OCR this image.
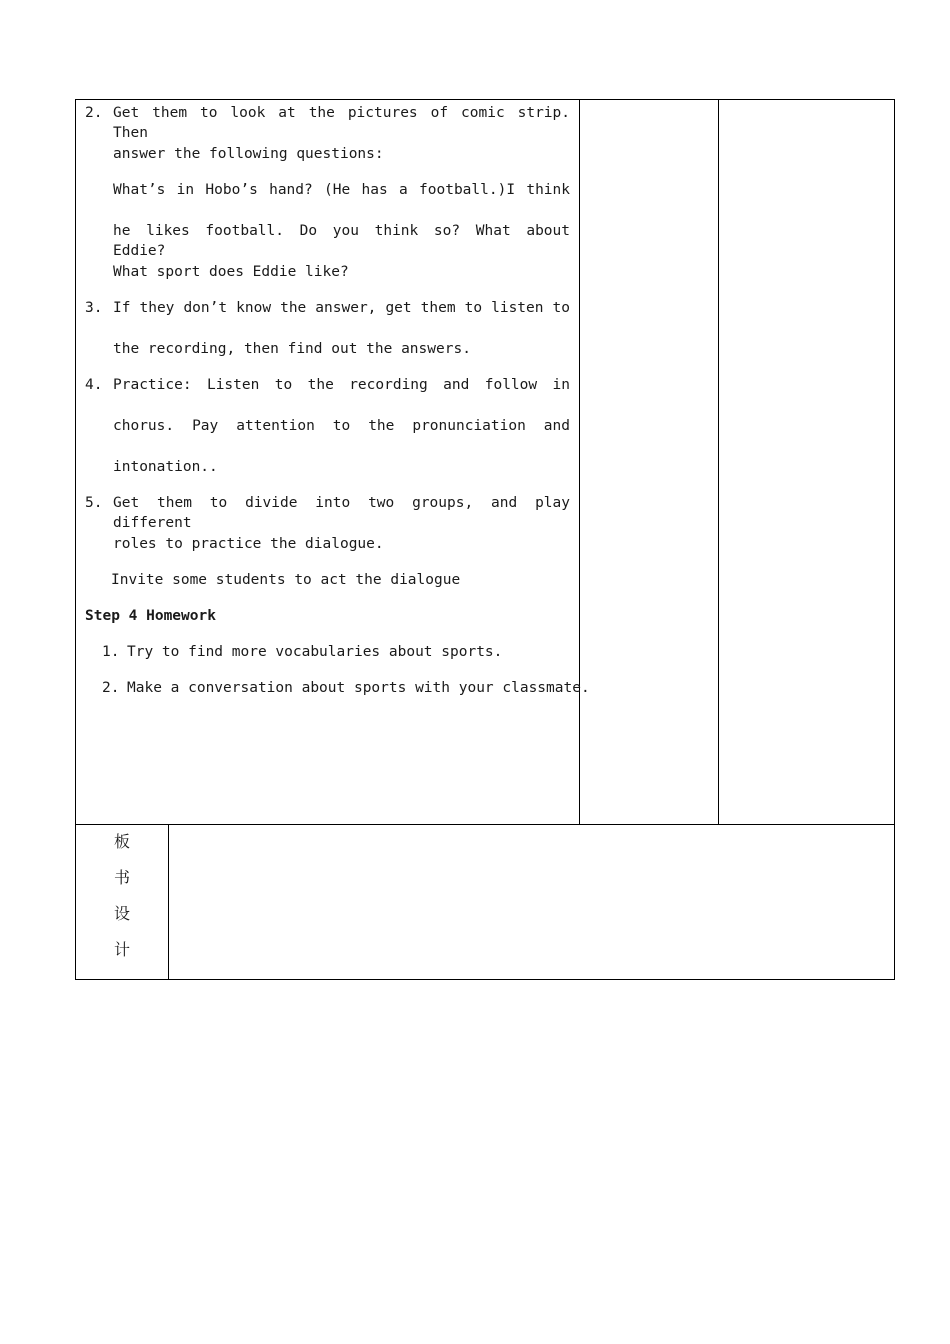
2. Get them to look at the pictures of comic strip. Then
answer the following questions:
What’s in Hobo’s hand? (He has a football.)I think
he likes football. Do you think so? What about Eddie?
What sport does Eddie like?
3. If they don’t know the answer, get them to listen to
the recording, then find out the answers.
4. Practice: Listen to the recording and follow in
chorus. Pay attention to the pronunciation and
intonation..
5. Get them to divide into two groups, and play different
roles to practice the dialogue.
Invite some students to act the dialogue
Step 4 Homework
1. Try to find more vocabularies about sports.
2. Make a conversation about sports with your classmate.
板
书
设
计
